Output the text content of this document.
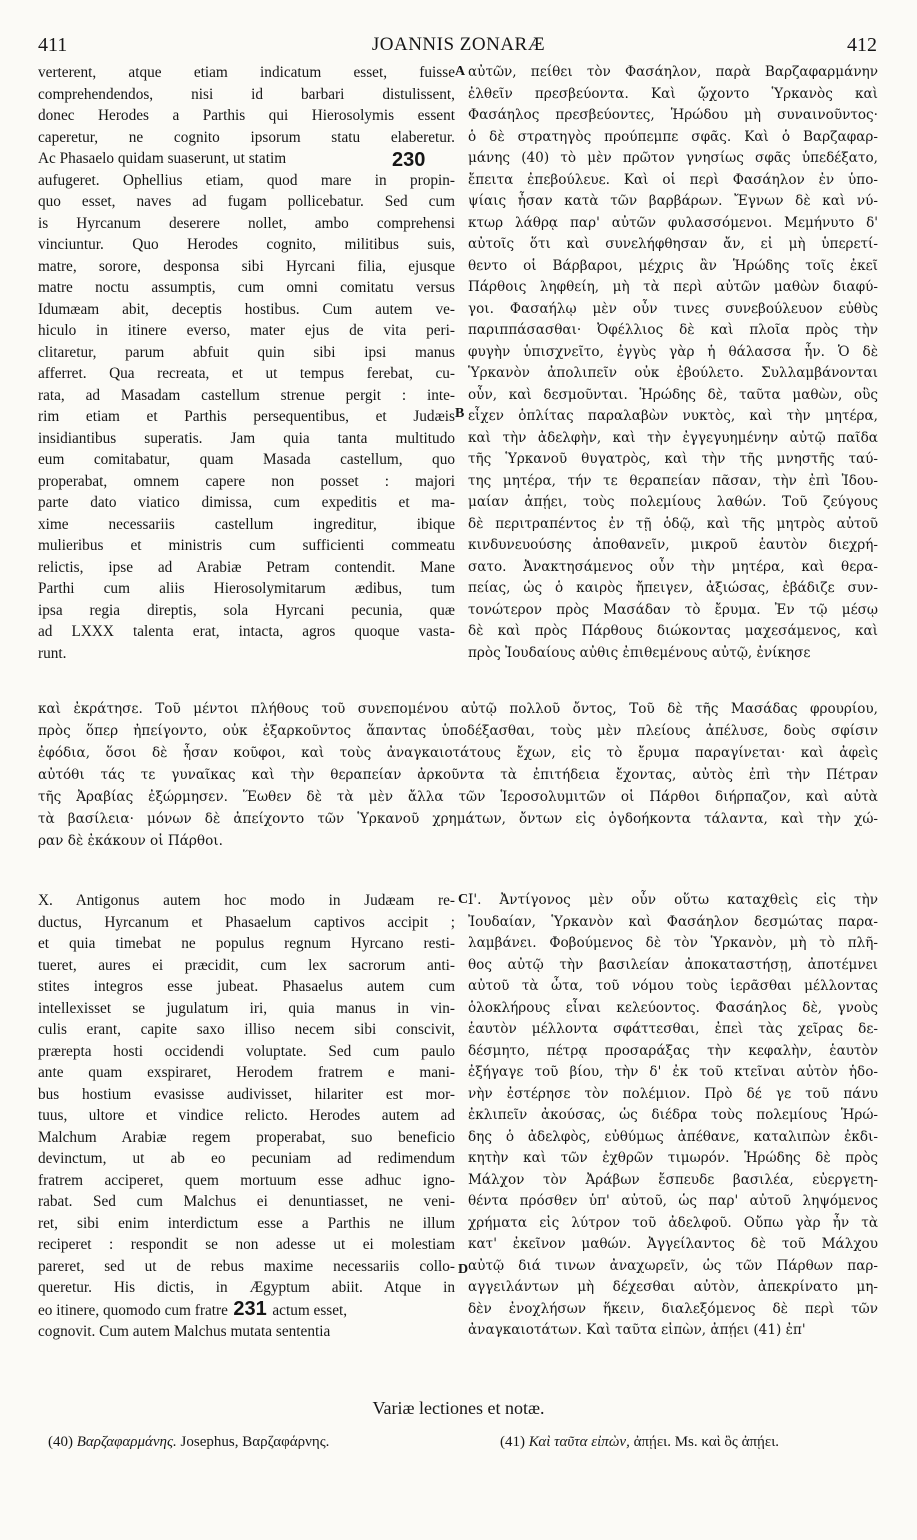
411	JOANNIS ZONARÆ	412
verterent, atque etiam indicatum esset, fuisse
comprehendendos, nisi id barbari distulissent,
donec Herodes a Parthis qui Hierosolymis essent
caperetur, ne cognito ipsorum statu elaberetur.
Ac Phasaelo quidam suaserunt, ut statim
aufugeret. Ophellius etiam, quod mare in propin-
quo esset, naves ad fugam pollicebatur. Sed cum
is Hyrcanum deserere nollet, ambo comprehensi
vinciuntur. Quo Herodes cognito, militibus suis,
matre, sorore, desponsa sibi Hyrcani filia, ejusque
matre noctu assumptis, cum omni comitatu versus
Idumæam abit, deceptis hostibus. Cum autem ve-
hiculo in itinere everso, mater ejus de vita peri-
clitaretur, parum abfuit quin sibi ipsi manus
afferret. Qua recreata, et ut tempus ferebat, cu-
rata, ad Masadam castellum strenue pergit : inte-
rim etiam et Parthis persequentibus, et Judæis
insidiantibus superatis. Jam quia tanta multitudo
eum comitabatur, quam Masada castellum, quo
properabat, omnem capere non posset : majori
parte dato viatico dimissa, cum expeditis et ma-
xime necessariis castellum ingreditur, ibique
mulieribus et ministris cum sufficienti commeatu
relictis, ipse ad Arabiæ Petram contendit. Mane
Parthi cum aliis Hierosolymitarum ædibus, tum
ipsa regia direptis, sola Hyrcani pecunia, quæ
ad LXXX talenta erat, intacta, agros quoque vasta-
runt.
αὐτῶν, πείθει τὸν Φασάηλον, παρὰ Βαρζαφαρμάνην
ἐλθεῖν πρεσβεύοντα. Καὶ ᾤχοντο Ὑρκανὸς καὶ
Φασάηλος πρεσβεύοντες, Ἡρώδου μὴ συναινοῦντος·
ὁ δὲ στρατηγὸς προύπεμπε σφᾶς. Καὶ ὁ Βαρζαφαρ-
μάνης (40) τὸ μὲν πρῶτον γνησίως σφᾶς ὑπεδέξατο,
ἔπειτα ἐπεβούλευε. Καὶ οἱ περὶ Φασάηλον ἐν ὑπο-
ψίαις ἦσαν κατὰ τῶν βαρβάρων. Ἔγνων δὲ καὶ νύ-
κτωρ λάθρᾳ παρ' αὐτῶν φυλασσόμενοι. Μεμήνυτο δ'
αὐτοῖς ὅτι καὶ συνελήφθησαν ἄν, εἰ μὴ ὑπερετί-
θεντο οἱ Βάρβαροι, μέχρις ἂν Ἡρώδης τοῖς ἐκεῖ
Πάρθοις ληφθείη, μὴ τὰ περὶ αὐτῶν μαθὼν διαφύ-
γοι. Φασαήλῳ μὲν οὖν τινες συνεβούλευον εὐθὺς
παριππάσασθαι· Ὀφέλλιος δὲ καὶ πλοῖα πρὸς τὴν
φυγὴν ὑπισχνεῖτο, ἐγγὺς γὰρ ἡ θάλασσα ἦν. Ὁ δὲ
Ὑρκανὸν ἀπολιπεῖν οὐκ ἐβούλετο. Συλλαμβάνονται
οὖν, καὶ δεσμοῦνται. Ἡρώδης δὲ, ταῦτα μαθὼν, οὓς
εἶχεν ὁπλίτας παραλαβὼν νυκτὸς, καὶ τὴν μητέρα,
καὶ τὴν ἀδελφὴν, καὶ τὴν ἐγγεγυημένην αὐτῷ παῖδα
τῆς Ὑρκανοῦ θυγατρὸς, καὶ τὴν τῆς μνηστῆς ταύ-
της μητέρα, τήν τε θεραπείαν πᾶσαν, τὴν ἐπὶ Ἰδου-
μαίαν ἀπῄει, τοὺς πολεμίους λαθών. Τοῦ ζεύγους
δὲ περιτραπέντος ἐν τῇ ὁδῷ, καὶ τῆς μητρὸς αὐτοῦ
κινδυνευούσης ἀποθανεῖν, μικροῦ ἑαυτὸν διεχρή-
σατο. Ἀνακτησάμενος οὖν τὴν μητέρα, καὶ θερα-
πείας, ὡς ὁ καιρὸς ἤπειγεν, ἀξιώσας, ἐβάδιζε συν-
τονώτερον πρὸς Μασάδαν τὸ ἔρυμα. Ἐν τῷ μέσῳ
δὲ καὶ πρὸς Πάρθους διώκοντας μαχεσάμενος, καὶ
πρὸς Ἰουδαίους αὐθις ἐπιθεμένους αὐτῷ, ἐνίκησε
A
B
230
καὶ ἐκράτησε. Τοῦ μέντοι πλήθους τοῦ συνεπομένου αὐτῷ πολλοῦ ὄντος, Τοῦ δὲ τῆς Μασάδας φρουρίου,
πρὸς ὅπερ ἠπείγοντο, οὐκ ἐξαρκοῦντος ἅπαντας ὑποδέξασθαι, τοὺς μὲν πλείους ἀπέλυσε, δοὺς σφίσιν
ἐφόδια, ὅσοι δὲ ἦσαν κοῦφοι, καὶ τοὺς ἀναγκαιοτάτους ἔχων, εἰς τὸ ἔρυμα παραγίνεται· καὶ ἀφεὶς
αὐτόθι τάς τε γυναῖκας καὶ τὴν θεραπείαν ἀρκοῦντα τὰ ἐπιτήδεια ἔχοντας, αὐτὸς ἐπὶ τὴν Πέτραν
τῆς Ἀραβίας ἐξώρμησεν. Ἕωθεν δὲ τὰ μὲν ἄλλα τῶν Ἱεροσολυμιτῶν οἱ Πάρθοι διήρπαζον, καὶ αὐτὰ
τὰ βασίλεια· μόνων δὲ ἀπείχοντο τῶν Ὑρκανοῦ χρημάτων, ὄντων εἰς ὀγδοήκοντα τάλαντα, καὶ τὴν χώ-
ραν δὲ ἐκάκουν οἱ Πάρθοι.
X. Antigonus autem hoc modo in Judæam re-
ductus, Hyrcanum et Phasaelum captivos accipit ;
et quia timebat ne populus regnum Hyrcano resti-
tueret, aures ei præcidit, cum lex sacrorum anti-
stites integros esse jubeat. Phasaelus autem cum
intellexisset se jugulatum iri, quia manus in vin-
culis erant, capite saxo illiso necem sibi conscivit,
prærepta hosti occidendi voluptate. Sed cum paulo
ante quam exspiraret, Herodem fratrem e mani-
bus hostium evasisse audivisset, hilariter est mor-
tuus, ultore et vindice relicto. Herodes autem ad
Malchum Arabiæ regem properabat, suo beneficio
devinctum, ut ab eo pecuniam ad redimendum
fratrem acciperet, quem mortuum esse adhuc igno-
rabat. Sed cum Malchus ei denuntiasset, ne veni-
ret, sibi enim interdictum esse a Parthis ne illum
reciperet : respondit se non adesse ut ei molestiam
pareret, sed ut de rebus maxime necessariis collo-
queretur. His dictis, in Ægyptum abiit. Atque in
eo itinere, quomodo cum fratre 231 actum esset,
cognovit. Cum autem Malchus mutata sententia
Ι'. Ἀντίγονος μὲν οὖν οὕτω καταχθεὶς εἰς τὴν
Ἰουδαίαν, Ὑρκανὸν καὶ Φασάηλον δεσμώτας παρα-
λαμβάνει. Φοβούμενος δὲ τὸν Ὑρκανὸν, μὴ τὸ πλῆ-
θος αὐτῷ τὴν βασιλείαν ἀποκαταστήσῃ, ἀποτέμνει
αὐτοῦ τὰ ὦτα, τοῦ νόμου τοὺς ἱερᾶσθαι μέλλοντας
ὁλοκλήρους εἶναι κελεύοντος. Φασάηλος δὲ, γνοὺς
ἑαυτὸν μέλλοντα σφάττεσθαι, ἐπεὶ τὰς χεῖρας δε-
δέσμητο, πέτρᾳ προσαράξας τὴν κεφαλὴν, ἑαυτὸν
ἐξήγαγε τοῦ βίου, τὴν δ' ἐκ τοῦ κτεῖναι αὐτὸν ἡδο-
νὴν ἐστέρησε τὸν πολέμιον. Πρὸ δέ γε τοῦ πάνυ
ἐκλιπεῖν ἀκούσας, ὡς διέδρα τοὺς πολεμίους Ἡρώ-
δης ὁ ἀδελφὸς, εὐθύμως ἀπέθανε, καταλιπὼν ἐκδι-
κητὴν καὶ τῶν ἐχθρῶν τιμωρόν. Ἡρώδης δὲ πρὸς
Μάλχον τὸν Ἀράβων ἔσπευδε βασιλέα, εὐεργετη-
θέντα πρόσθεν ὑπ' αὐτοῦ, ὡς παρ' αὐτοῦ ληψόμενος
χρήματα εἰς λύτρον τοῦ ἀδελφοῦ. Οὔπω γὰρ ἦν τὰ
κατ' ἐκεῖνον μαθών. Ἀγγείλαντος δὲ τοῦ Μάλχου
αὐτῷ διά τινων ἀναχωρεῖν, ὡς τῶν Πάρθων παρ-
αγγειλάντων μὴ δέχεσθαι αὐτὸν, ἀπεκρίνατο μη-
δὲν ἐνοχλήσων ἥκειν, διαλεξόμενος δὲ περὶ τῶν
ἀναγκαιοτάτων. Καὶ ταῦτα εἰπὼν, ἀπῄει (41) ἐπ'
C
D
Variæ lectiones et notæ.
(40) Βαρζαφαρμάνης. Josephus, Βαρζαφάρνης.	(41) Καὶ ταῦτα εἰπὼν, ἀπῄει. Ms. καὶ ὃς ἀπῄει.
